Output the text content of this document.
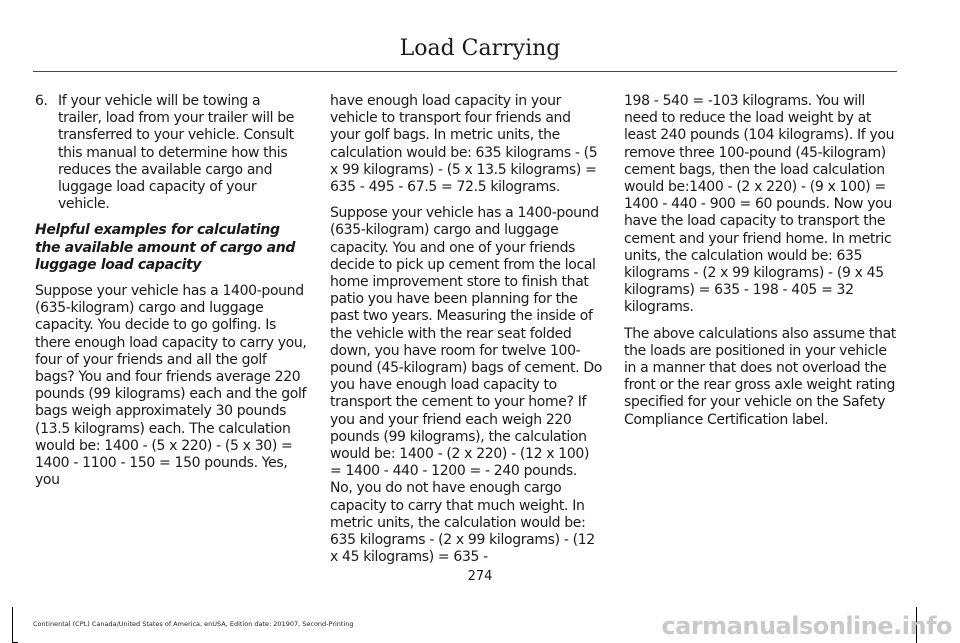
Load Carrying
6. If your vehicle will be towing a trailer, load from your trailer will be transferred to your vehicle. Consult this manual to determine how this reduces the available cargo and luggage load capacity of your vehicle.
Helpful examples for calculating the available amount of cargo and luggage load capacity

Suppose your vehicle has a 1400-pound (635-kilogram) cargo and luggage capacity. You decide to go golfing. Is there enough load capacity to carry you, four of your friends and all the golf bags? You and four friends average 220 pounds (99 kilograms) each and the golf bags weigh approximately 30 pounds (13.5 kilograms) each. The calculation would be: 1400 - (5 x 220) - (5 x 30) = 1400 - 1100 - 150 = 150 pounds. Yes, you

have enough load capacity in your vehicle to transport four friends and your golf bags. In metric units, the calculation would be: 635 kilograms - (5 x 99 kilograms) - (5 x 13.5 kilograms) = 635 - 495 - 67.5 = 72.5 kilograms.

Suppose your vehicle has a 1400-pound (635-kilogram) cargo and luggage capacity. You and one of your friends decide to pick up cement from the local home improvement store to finish that patio you have been planning for the past two years. Measuring the inside of the vehicle with the rear seat folded down, you have room for twelve 100-pound (45-kilogram) bags of cement. Do you have enough load capacity to transport the cement to your home? If you and your friend each weigh 220 pounds (99 kilograms), the calculation would be: 1400 - (2 x 220) - (12 x 100) = 1400 - 440 - 1200 = - 240 pounds. No, you do not have enough cargo capacity to carry that much weight. In metric units, the calculation would be: 635 kilograms - (2 x 99 kilograms) - (12 x 45 kilograms) = 635 -

198 - 540 = -103 kilograms. You will need to reduce the load weight by at least 240 pounds (104 kilograms). If you remove three 100-pound (45-kilogram) cement bags, then the load calculation would be:1400 - (2 x 220) - (9 x 100) = 1400 - 440 - 900 = 60 pounds. Now you have the load capacity to transport the cement and your friend home. In metric units, the calculation would be: 635 kilograms - (2 x 99 kilograms) - (9 x 45 kilograms) = 635 - 198 - 405 = 32 kilograms.

The above calculations also assume that the loads are positioned in your vehicle in a manner that does not overload the front or the rear gross axle weight rating specified for your vehicle on the Safety Compliance Certification label.

274
Continental (CPL) Canada/United States of America, enUSA, Edition date: 201907, Second-Printing	carmanualsonline.info
